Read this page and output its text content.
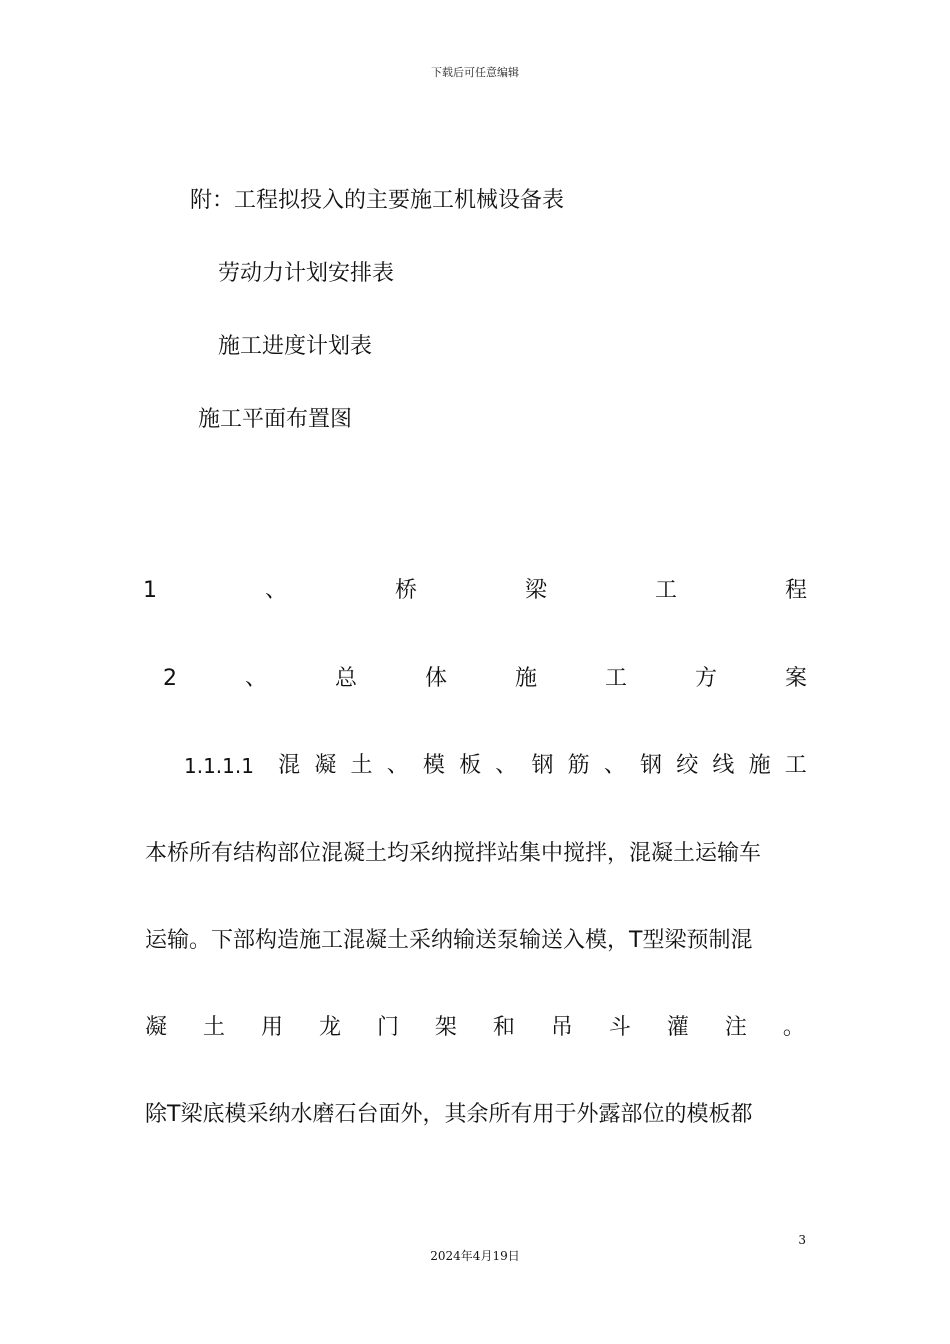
下载后可任意编辑
附：工程拟投入的主要施工机械设备表
劳动力计划安排表
施工进度计划表
施工平面布置图
1	、	桥	梁	工	程
2	、	总	体	施	工	方	案
1.1.1.1 混 凝 土 、 模 板 、 钢 筋 、 钢 绞 线 施 工
本桥所有结构部位混凝土均采纳搅拌站集中搅拌，混凝土运输车
运输。下部构造施工混凝土采纳输送泵输送入模，T型梁预制混
凝 土 用 龙 门 架 和 吊 斗 灌 注 。
除T梁底模采纳水磨石台面外，其余所有用于外露部位的模板都
3
2024年4月19日
